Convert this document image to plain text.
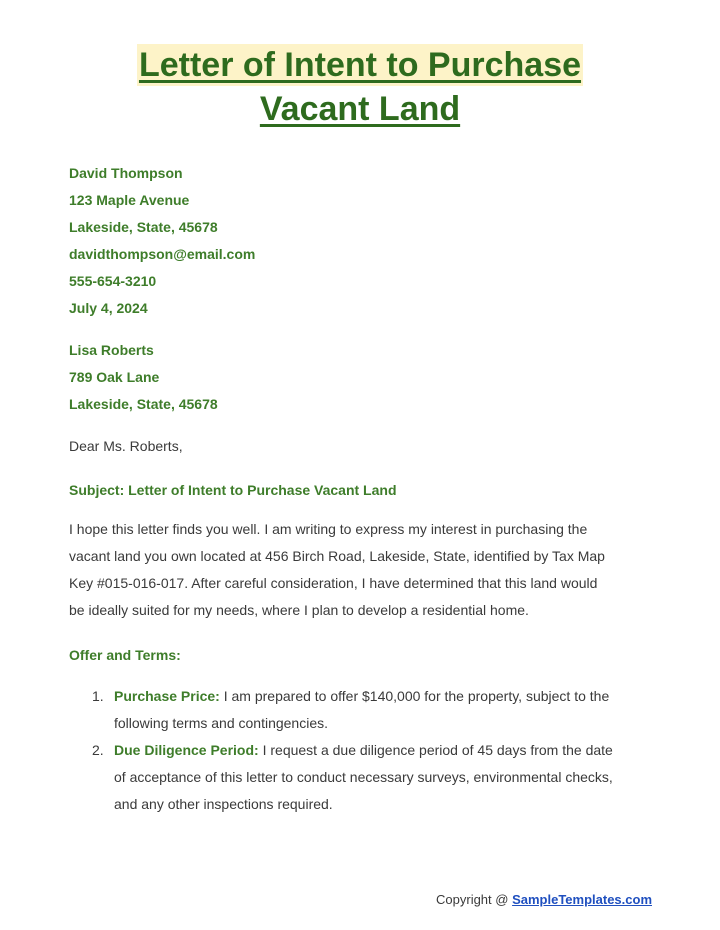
Letter of Intent to Purchase
Vacant Land
David Thompson
123 Maple Avenue
Lakeside, State, 45678
davidthompson@email.com
555-654-3210
July 4, 2024
Lisa Roberts
789 Oak Lane
Lakeside, State, 45678
Dear Ms. Roberts,
Subject: Letter of Intent to Purchase Vacant Land
I hope this letter finds you well. I am writing to express my interest in purchasing the
vacant land you own located at 456 Birch Road, Lakeside, State, identified by Tax Map
Key #015-016-017. After careful consideration, I have determined that this land would
be ideally suited for my needs, where I plan to develop a residential home.
Offer and Terms:
1. Purchase Price: I am prepared to offer $140,000 for the property, subject to the
following terms and contingencies.
2. Due Diligence Period: I request a due diligence period of 45 days from the date
of acceptance of this letter to conduct necessary surveys, environmental checks,
and any other inspections required.
Copyright @ SampleTemplates.com
